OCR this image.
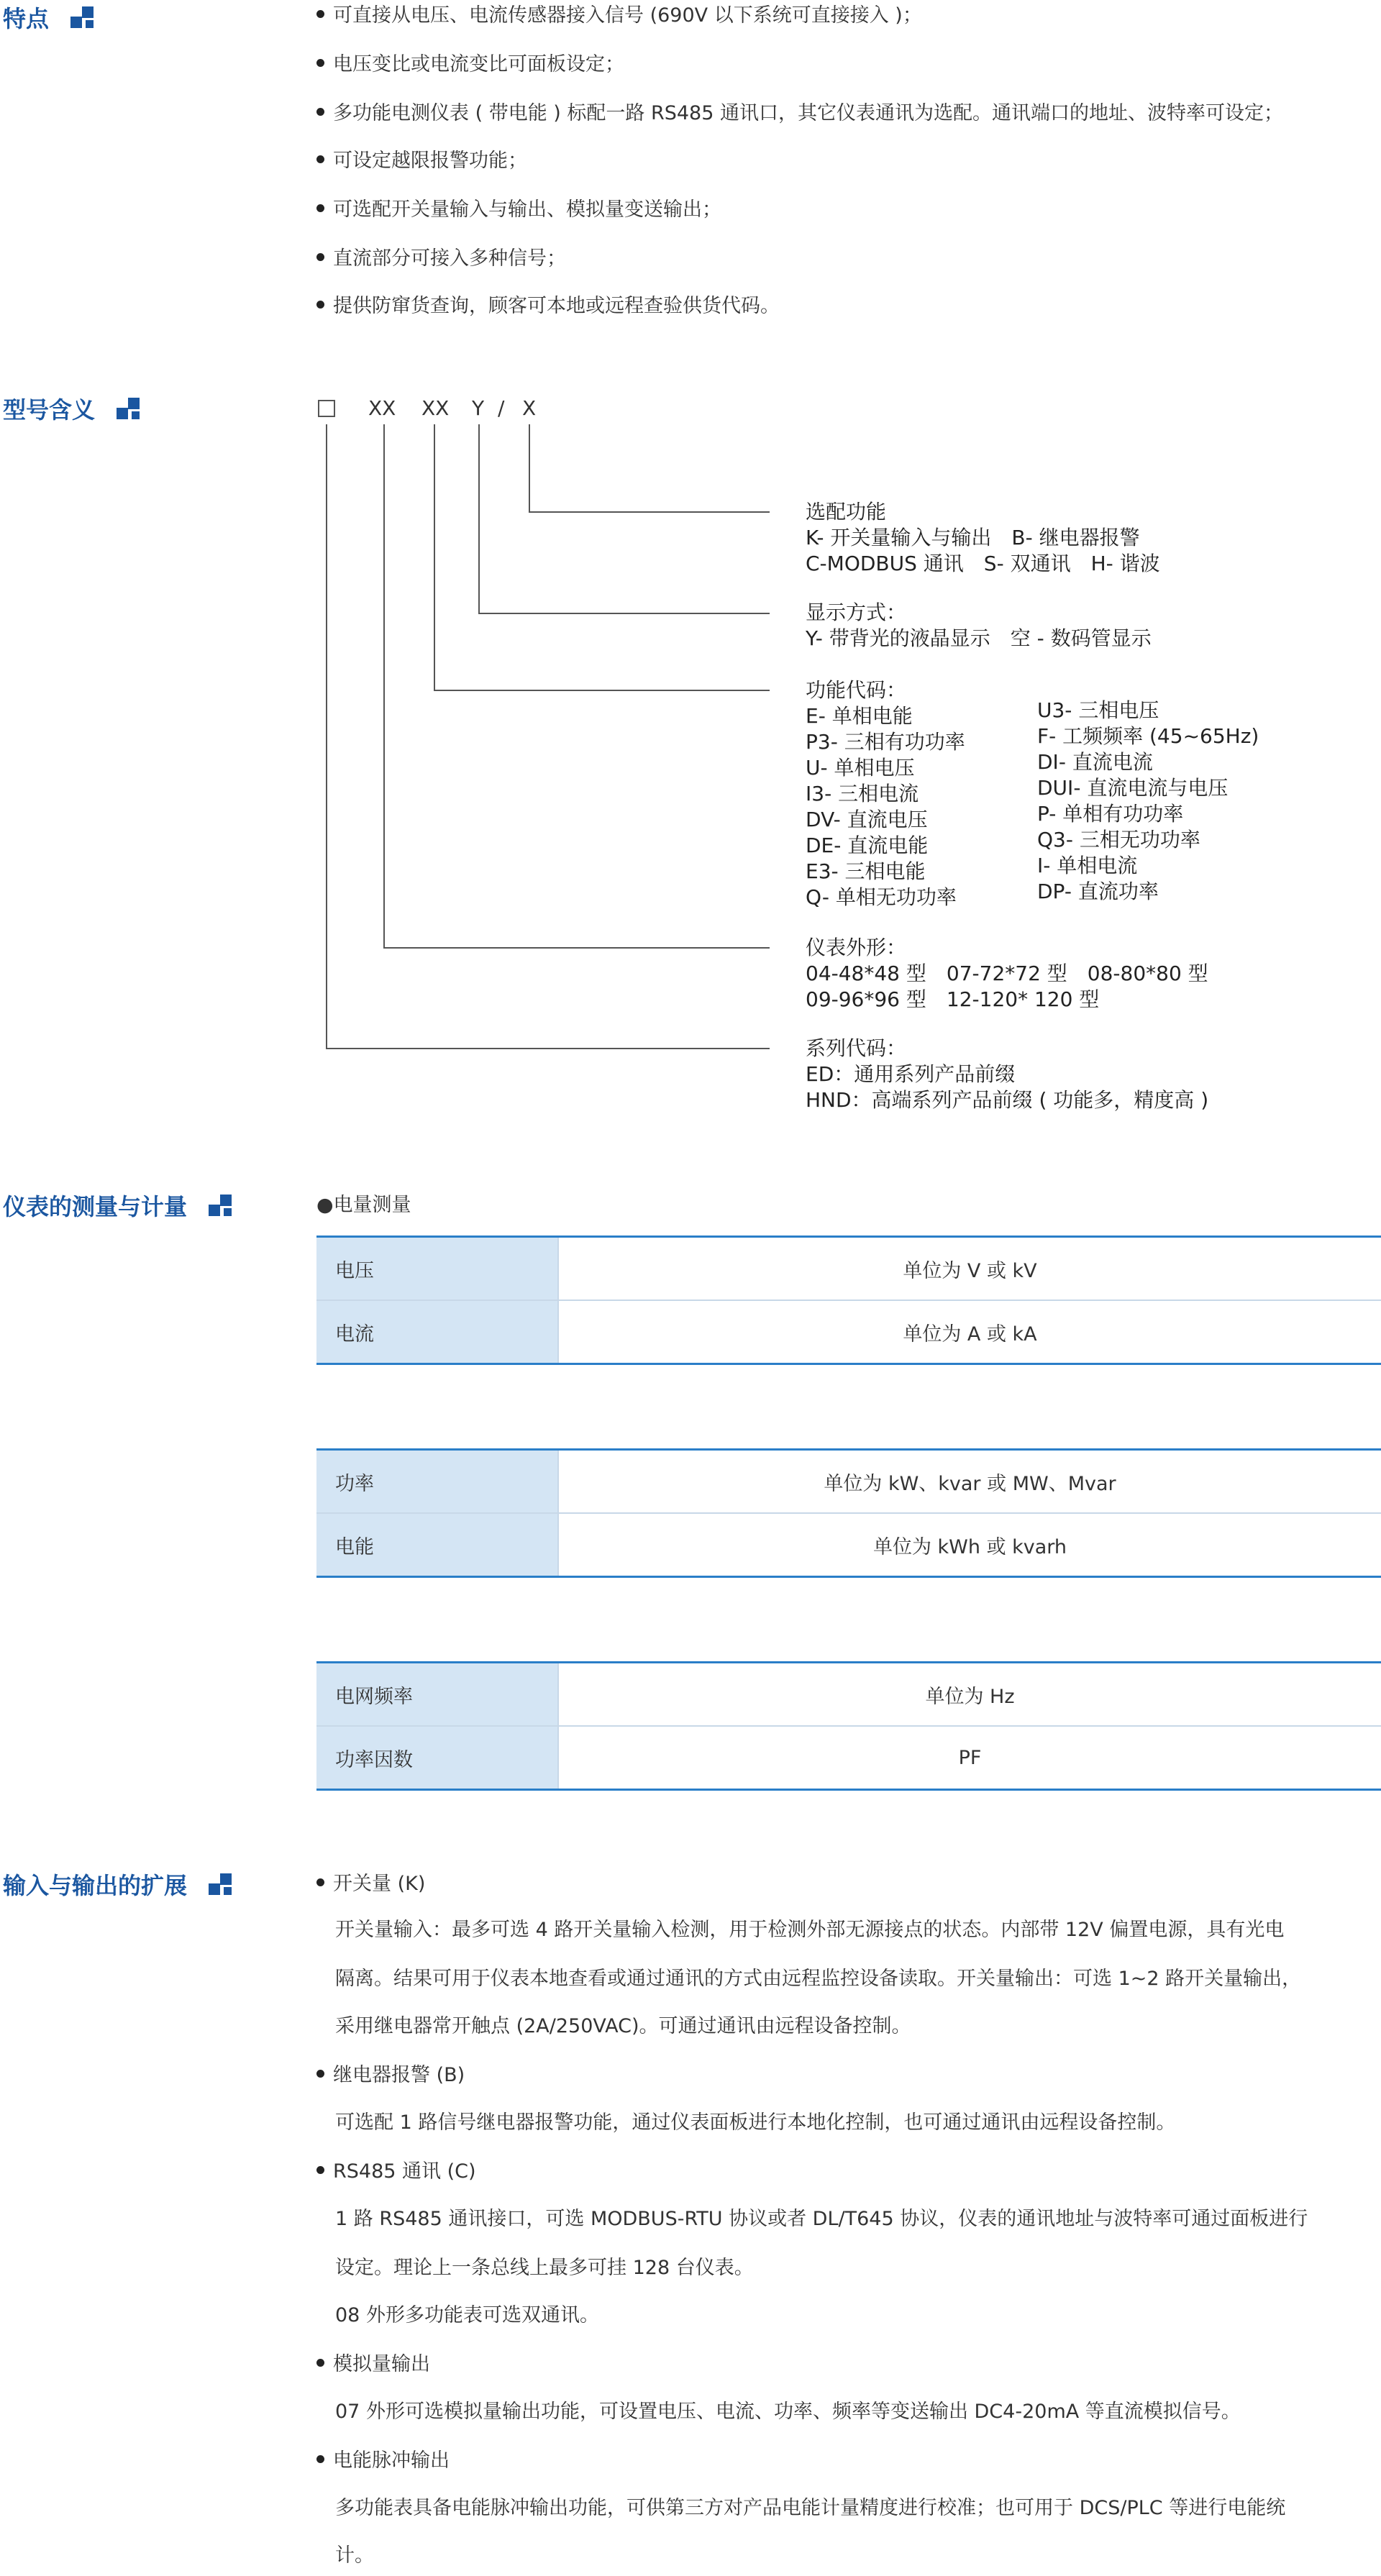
特点	可直接从电压、电流传感器接入信号 (690V 以下系统可直接接入 )；
电压变比或电流变比可面板设定；
多功能电测仪表 ( 带电能 ) 标配一路 RS485 通讯口，其它仪表通讯为选配。通讯端口的地址、波特率可设定；
可设定越限报警功能；
可选配开关量输入与输出、模拟量变送输出；
直流部分可接入多种信号；
提供防窜货查询，顾客可本地或远程查验供货代码。
型号含义	XX XX Y / X
选配功能
K- 开关量输入与输出　B- 继电器报警
C-MODBUS 通讯　S- 双通讯　H- 谐波
显示方式：
Y- 带背光的液晶显示　空 - 数码管显示
功能代码：
E- 单相电能
P3- 三相有功功率
U- 单相电压
I3- 三相电流
DV- 直流电压
DE- 直流电能
E3- 三相电能
Q- 单相无功功率
U3- 三相电压
F- 工频频率 (45~65Hz)
DI- 直流电流
DUI- 直流电流与电压
P- 单相有功功率
Q3- 三相无功功率
I- 单相电流
DP- 直流功率
仪表外形：
04-48*48 型　07-72*72 型　08-80*80 型
09-96*96 型　12-120* 120 型
系列代码：
ED：通用系列产品前缀
HND：高端系列产品前缀 ( 功能多，精度高 )
仪表的测量与计量	●电量测量
电压	单位为 V 或 kV
电流	单位为 A 或 kA
功率	单位为 kW、kvar 或 MW、Mvar
电能	单位为 kWh 或 kvarh
电网频率	单位为 Hz
功率因数	PF
输入与输出的扩展	开关量 (K)
开关量输入：最多可选 4 路开关量输入检测，用于检测外部无源接点的状态。内部带 12V 偏置电源，具有光电
隔离。结果可用于仪表本地查看或通过通讯的方式由远程监控设备读取。开关量输出：可选 1~2 路开关量输出，
采用继电器常开触点 (2A/250VAC)。可通过通讯由远程设备控制。
继电器报警 (B)
可选配 1 路信号继电器报警功能，通过仪表面板进行本地化控制，也可通过通讯由远程设备控制。
RS485 通讯 (C)
1 路 RS485 通讯接口，可选 MODBUS-RTU 协议或者 DL/T645 协议，仪表的通讯地址与波特率可通过面板进行
设定。理论上一条总线上最多可挂 128 台仪表。
08 外形多功能表可选双通讯。
模拟量输出
07 外形可选模拟量输出功能，可设置电压、电流、功率、频率等变送输出 DC4-20mA 等直流模拟信号。
电能脉冲输出
多功能表具备电能脉冲输出功能，可供第三方对产品电能计量精度进行校准；也可用于 DCS/PLC 等进行电能统
计。
